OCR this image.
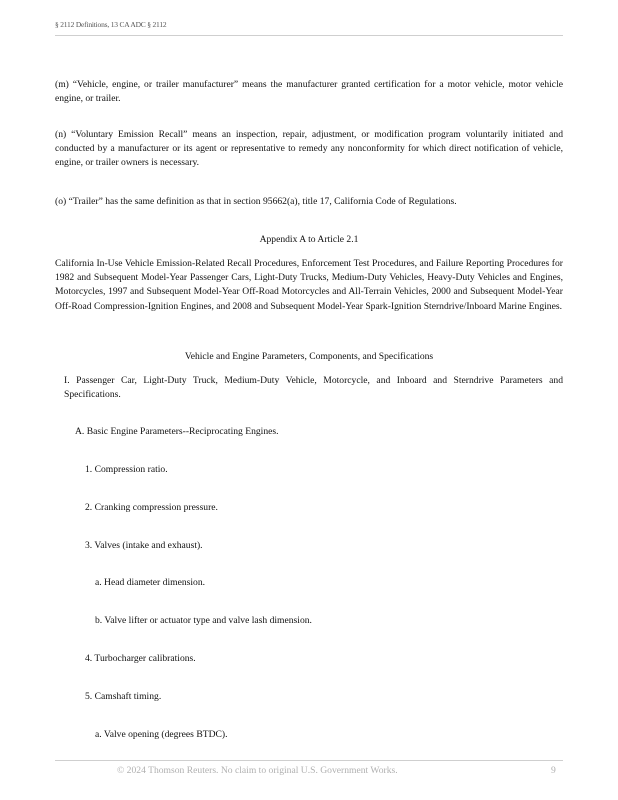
§ 2112 Definitions, 13 CA ADC § 2112
(m) “Vehicle, engine, or trailer manufacturer” means the manufacturer granted certification for a motor vehicle, motor vehicle engine, or trailer.
(n) “Voluntary Emission Recall” means an inspection, repair, adjustment, or modification program voluntarily initiated and conducted by a manufacturer or its agent or representative to remedy any nonconformity for which direct notification of vehicle, engine, or trailer owners is necessary.
(o) “Trailer” has the same definition as that in section 95662(a), title 17, California Code of Regulations.
Appendix A to Article 2.1
California In-Use Vehicle Emission-Related Recall Procedures, Enforcement Test Procedures, and Failure Reporting Procedures for 1982 and Subsequent Model-Year Passenger Cars, Light-Duty Trucks, Medium-Duty Vehicles, Heavy-Duty Vehicles and Engines, Motorcycles, 1997 and Subsequent Model-Year Off-Road Motorcycles and All-Terrain Vehicles, 2000 and Subsequent Model-Year Off-Road Compression-Ignition Engines, and 2008 and Subsequent Model-Year Spark-Ignition Sterndrive/Inboard Marine Engines.
Vehicle and Engine Parameters, Components, and Specifications
I. Passenger Car, Light-Duty Truck, Medium-Duty Vehicle, Motorcycle, and Inboard and Sterndrive Parameters and Specifications.
A. Basic Engine Parameters--Reciprocating Engines.
1. Compression ratio.
2. Cranking compression pressure.
3. Valves (intake and exhaust).
a. Head diameter dimension.
b. Valve lifter or actuator type and valve lash dimension.
4. Turbocharger calibrations.
5. Camshaft timing.
a. Valve opening (degrees BTDC).
© 2024 Thomson Reuters. No claim to original U.S. Government Works.	9
